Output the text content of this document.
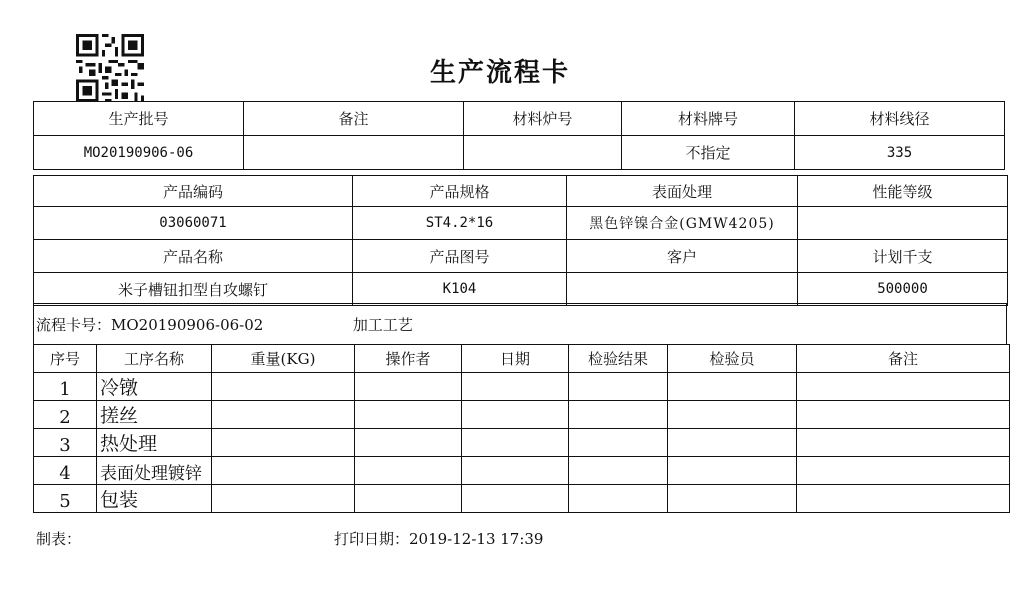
生产流程卡
生产批号	备注	材料炉号	材料牌号	材料线径
MO20190906-06			不指定	335
产品编码	产品规格	表面处理	性能等级
03060071	ST4.2*16	黑色锌镍合金(GMW4205)	
产品名称	产品图号	客户	计划千支
米子槽钮扣型自攻螺钉	K104		500000
流程卡号：MO20190906-06-02	加工工艺
序号	工序名称	重量(KG)	操作者	日期	检验结果	检验员	备注
1	冷镦						
2	搓丝						
3	热处理						
4	表面处理镀锌						
5	包装						
制表：	打印日期：2019-12-13 17:39
